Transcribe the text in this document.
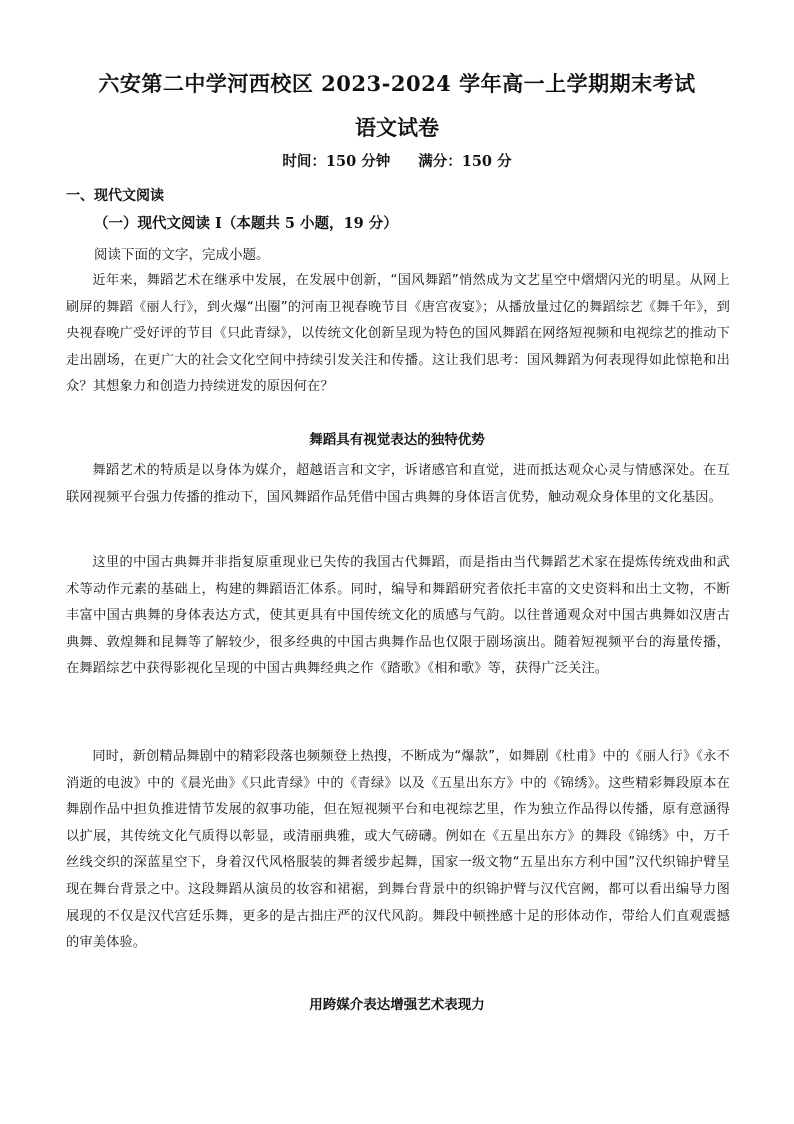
六安第二中学河西校区 2023-2024 学年高一上学期期末考试
语文试卷
时间：150 分钟 满分：150 分
一、现代文阅读
（一）现代文阅读 I（本题共 5 小题，19 分）
阅读下面的文字，完成小题。

近年来，舞蹈艺术在继承中发展，在发展中创新，“国风舞蹈”悄然成为文艺星空中熠熠闪光的明星。从网上刷屏的舞蹈《丽人行》，到火爆“出圈”的河南卫视春晚节目《唐宫夜宴》；从播放量过亿的舞蹈综艺《舞千年》，到央视春晚广受好评的节目《只此青绿》，以传统文化创新呈现为特色的国风舞蹈在网络短视频和电视综艺的推动下走出剧场，在更广大的社会文化空间中持续引发关注和传播。这让我们思考：国风舞蹈为何表现得如此惊艳和出众？其想象力和创造力持续迸发的原因何在？

舞蹈具有视觉表达的独特优势

舞蹈艺术的特质是以身体为媒介，超越语言和文字，诉诸感官和直觉，进而抵达观众心灵与情感深处。在互联网视频平台强力传播的推动下，国风舞蹈作品凭借中国古典舞的身体语言优势，触动观众身体里的文化基因。

这里的中国古典舞并非指复原重现业已失传的我国古代舞蹈，而是指由当代舞蹈艺术家在提炼传统戏曲和武术等动作元素的基础上，构建的舞蹈语汇体系。同时，编导和舞蹈研究者依托丰富的文史资料和出土文物，不断丰富中国古典舞的身体表达方式，使其更具有中国传统文化的质感与气韵。以往普通观众对中国古典舞如汉唐古典舞、敦煌舞和昆舞等了解较少，很多经典的中国古典舞作品也仅限于剧场演出。随着短视频平台的海量传播，在舞蹈综艺中获得影视化呈现的中国古典舞经典之作《踏歌》《相和歌》等，获得广泛关注。

同时，新创精品舞剧中的精彩段落也频频登上热搜，不断成为“爆款”，如舞剧《杜甫》中的《丽人行》《永不消逝的电波》中的《晨光曲》《只此青绿》中的《青绿》以及《五星出东方》中的《锦绣》。这些精彩舞段原本在舞剧作品中担负推进情节发展的叙事功能，但在短视频平台和电视综艺里，作为独立作品得以传播，原有意涵得以扩展，其传统文化气质得以彰显，或清丽典雅，或大气磅礴。例如在《五星出东方》的舞段《锦绣》中，万千丝线交织的深蓝星空下，身着汉代风格服装的舞者缓步起舞，国家一级文物“五星出东方利中国”汉代织锦护臂呈现在舞台背景之中。这段舞蹈从演员的妆容和裙裾，到舞台背景中的织锦护臂与汉代宫阙，都可以看出编导力图展现的不仅是汉代宫廷乐舞，更多的是古拙庄严的汉代风韵。舞段中顿挫感十足的形体动作，带给人们直观震撼的审美体验。

用跨媒介表达增强艺术表现力
